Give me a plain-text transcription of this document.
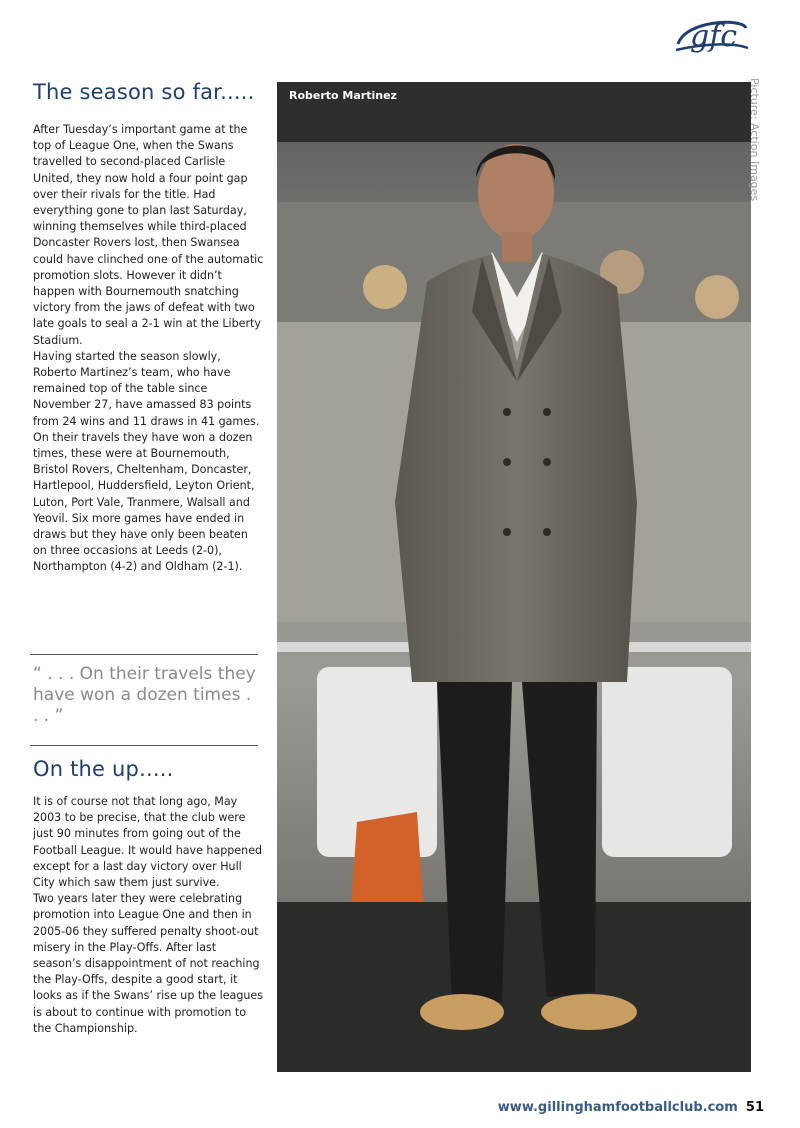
gfc
The season so far.....

After Tuesday’s important game at the top of League One, when the Swans travelled to second-placed Carlisle United, they now hold a four point gap over their rivals for the title. Had everything gone to plan last Saturday, winning themselves while third-placed Doncaster Rovers lost, then Swansea could have clinched one of the automatic promotion slots. However it didn’t happen with Bournemouth snatching victory from the jaws of defeat with two late goals to seal a 2-1 win at the Liberty Stadium.

Having started the season slowly, Roberto Martinez’s team, who have remained top of the table since November 27, have amassed 83 points from 24 wins and 11 draws in 41 games.

On their travels they have won a dozen times, these were at Bournemouth, Bristol Rovers, Cheltenham, Doncaster, Hartlepool, Huddersfield, Leyton Orient, Luton, Port Vale, Tranmere, Walsall and Yeovil. Six more games have ended in draws but they have only been beaten on three occasions at Leeds (2-0), Northampton (4-2) and Oldham (2-1).

“ . . . On their travels they have won a dozen times . . . ”
On the up.....

It is of course not that long ago, May 2003 to be precise, that the club were just 90 minutes from going out of the Football League. It would have happened except for a last day victory over Hull City which saw them just survive.

Two years later they were celebrating promotion into League One and then in 2005-06 they suffered penalty shoot-out misery in the Play-Offs. After last season’s disappointment of not reaching the Play-Offs, despite a good start, it looks as if the Swans’ rise up the leagues is about to continue with promotion to the Championship.

Roberto Martinez	Picture: Action Images
www.gillinghamfootballclub.com 51
